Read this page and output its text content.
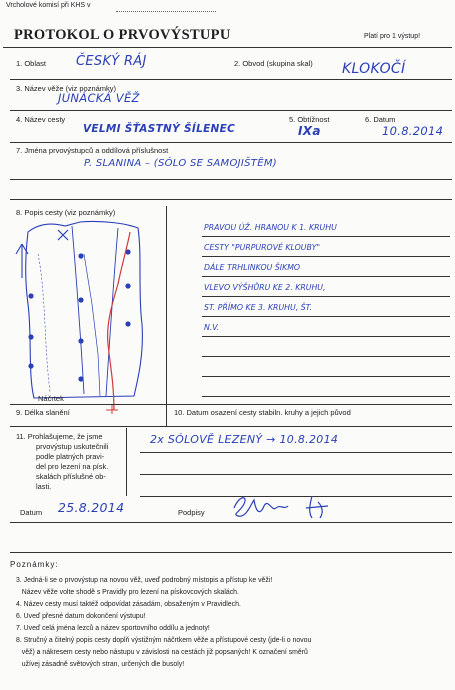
Vrcholové komisí při KHS v
PROTOKOL O PRVOVÝSTUPU	Platí pro 1 výstup!
1. Oblast ČESKÝ RÁJ	2. Obvod (skupina skal) KLOKOČÍ
3. Název věže (viz poznámky)
JUNÁCKÁ VĚŽ
4. Název cesty
VELMI ŠŤASTNÝ ŠÍLENEC
5. Obtížnost
IXa
6. Datum
10.8.2014
7. Jména prvovýstupců a oddílová příslušnost
P. SLANINA – (SÓLO SE SAMOJIŠTĚM)
8. Popis cesty (viz poznámky)
PRAVOU ÚŽ. HRANOU K 1. KRUHU
CESTY "PURPUROVÉ KLOUBY"
DÁLE TRHLINKOU ŠIKMO
VLEVO VÝŠHŮRU KE 2. KRUHU,
ST. PŘÍMO KE 3. KRUHU, ŠT.
N.V.
Náčrtek
9. Délka slanění	10. Datum osazení cesty stabiln. kruhy a jejich původ
11. Prohlašujeme, že jsme
prvovýstup uskutečnili
podle platných pravi-
del pro lezení na písk.
skalách příslušné ob-
lasti.
2x SÓLOVĚ LEZENÝ → 10.8.2014
Datum 25.8.2014	Podpisy
Poznámky:
3. Jedná-li se o prvovýstup na novou věž, uveď podrobný místopis a přístup ke věži!
Název věže volte shodě s Pravidly pro lezení na pískovcových skalách.
4. Název cesty musí taktéž odpovídat zásadám, obsaženým v Pravidlech.
6. Uveď přesné datum dokončení výstupu!
7. Uveď celá jména lezců a název sportovního oddílu a jednoty!
8. Stručný a čitelný popis cesty doplň výstižným náčrtkem věže a přístupové cesty (jde-li o novou
věž) a nákresem cesty nebo nástupu v závislosti na cestách již popsaných! K označení směrů
užívej zásadně světových stran, určených dle busoly!
